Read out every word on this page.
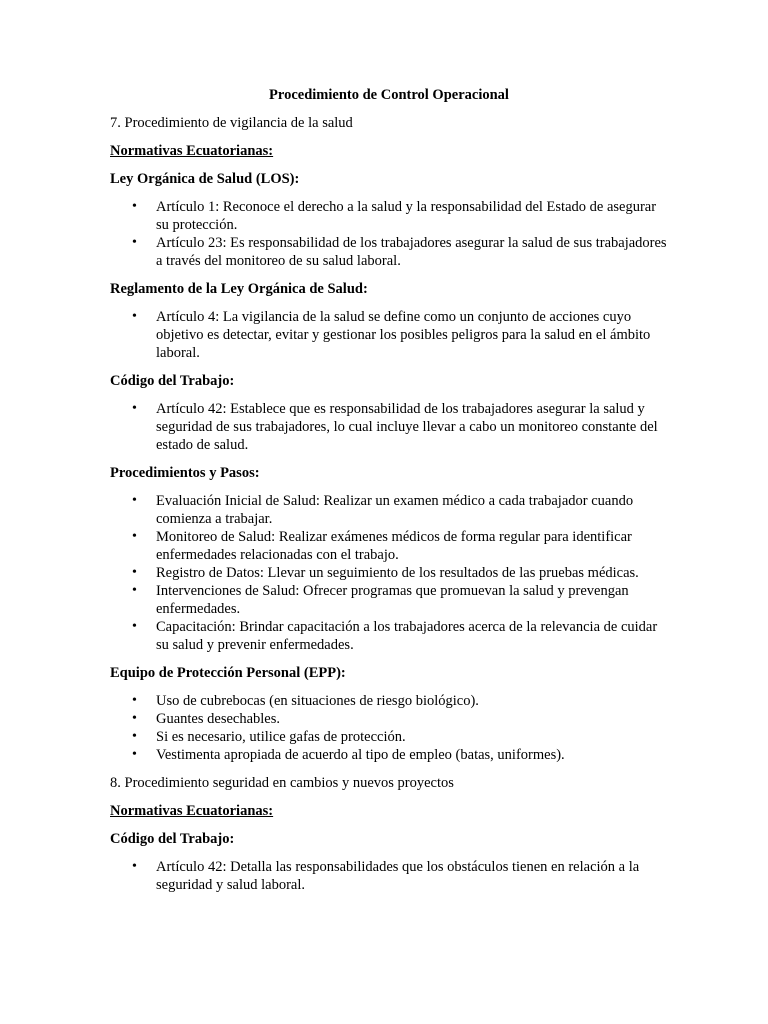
Procedimiento de Control Operacional

7. Procedimiento de vigilancia de la salud

Normativas Ecuatorianas:

Ley Orgánica de Salud (LOS):

• Artículo 1: Reconoce el derecho a la salud y la responsabilidad del Estado de asegurar su protección.
• Artículo 23: Es responsabilidad de los trabajadores asegurar la salud de sus trabajadores a través del monitoreo de su salud laboral.

Reglamento de la Ley Orgánica de Salud:

• Artículo 4: La vigilancia de la salud se define como un conjunto de acciones cuyo objetivo es detectar, evitar y gestionar los posibles peligros para la salud en el ámbito laboral.

Código del Trabajo:

• Artículo 42: Establece que es responsabilidad de los trabajadores asegurar la salud y seguridad de sus trabajadores, lo cual incluye llevar a cabo un monitoreo constante del estado de salud.

Procedimientos y Pasos:

• Evaluación Inicial de Salud: Realizar un examen médico a cada trabajador cuando comienza a trabajar.
• Monitoreo de Salud: Realizar exámenes médicos de forma regular para identificar enfermedades relacionadas con el trabajo.
• Registro de Datos: Llevar un seguimiento de los resultados de las pruebas médicas.
• Intervenciones de Salud: Ofrecer programas que promuevan la salud y prevengan enfermedades.
• Capacitación: Brindar capacitación a los trabajadores acerca de la relevancia de cuidar su salud y prevenir enfermedades.

Equipo de Protección Personal (EPP):

• Uso de cubrebocas (en situaciones de riesgo biológico).
• Guantes desechables.
• Si es necesario, utilice gafas de protección.
• Vestimenta apropiada de acuerdo al tipo de empleo (batas, uniformes).

8. Procedimiento seguridad en cambios y nuevos proyectos

Normativas Ecuatorianas:

Código del Trabajo:

• Artículo 42: Detalla las responsabilidades que los obstáculos tienen en relación a la seguridad y salud laboral.
